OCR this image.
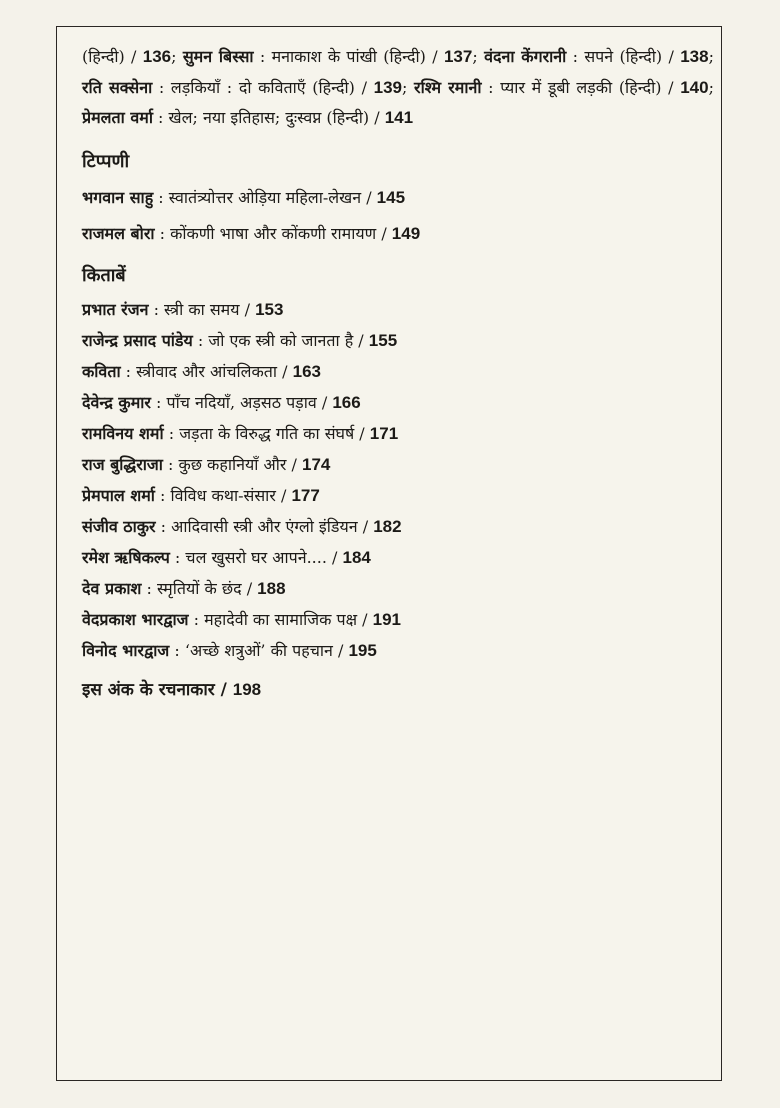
(हिन्दी) / 136; सुमन बिस्सा : मनाकाश के पांखी (हिन्दी) / 137; वंदना केंगरानी : सपने (हिन्दी) / 138; रति सक्सेना : लड़कियाँ : दो कविताएँ (हिन्दी) / 139; रश्मि रमानी : प्यार में डूबी लड़की (हिन्दी) / 140; प्रेमलता वर्मा : खेल; नया इतिहास; दुःस्वप्न (हिन्दी) / 141

टिप्पणी

भगवान साहु : स्वातंत्र्योत्तर ओड़िया महिला-लेखन / 145

राजमल बोरा : कोंकणी भाषा और कोंकणी रामायण / 149

किताबें

प्रभात रंजन : स्त्री का समय / 153

राजेन्द्र प्रसाद पांडेय : जो एक स्त्री को जानता है / 155

कविता : स्त्रीवाद और आंचलिकता / 163

देवेन्द्र कुमार : पाँच नदियाँ, अड़सठ पड़ाव / 166

रामविनय शर्मा : जड़ता के विरुद्ध गति का संघर्ष / 171

राज बुद्धिराजा : कुछ कहानियाँ और / 174

प्रेमपाल शर्मा : विविध कथा-संसार / 177

संजीव ठाकुर : आदिवासी स्त्री और एंग्लो इंडियन / 182

रमेश ऋषिकल्प : चल खुसरो घर आपने.... / 184

देव प्रकाश : स्मृतियों के छंद / 188

वेदप्रकाश भारद्वाज : महादेवी का सामाजिक पक्ष / 191

विनोद भारद्वाज : ‘अच्छे शत्रुओं’ की पहचान / 195

इस अंक के रचनाकार / 198
